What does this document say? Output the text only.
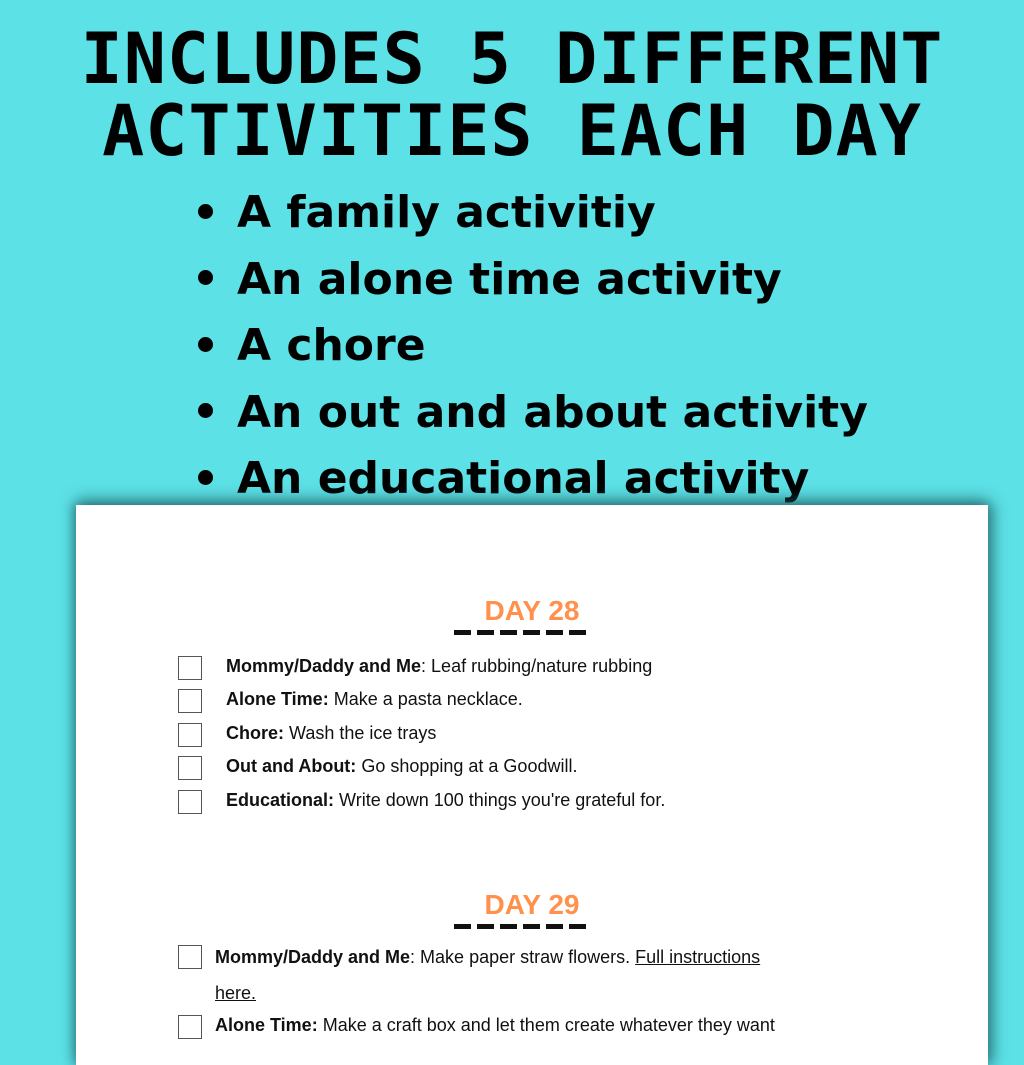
INCLUDES 5 DIFFERENT
ACTIVITIES EACH DAY
A family activitiy
An alone time activity
A chore
An out and about activity
An educational activity
DAY 28
Mommy/Daddy and Me: Leaf rubbing/nature rubbing
Alone Time: Make a pasta necklace.
Chore: Wash the ice trays
Out and About: Go shopping at a Goodwill.
Educational: Write down 100 things you're grateful for.
DAY 29
Mommy/Daddy and Me: Make paper straw flowers. Full instructions
here.
Alone Time: Make a craft box and let them create whatever they want
